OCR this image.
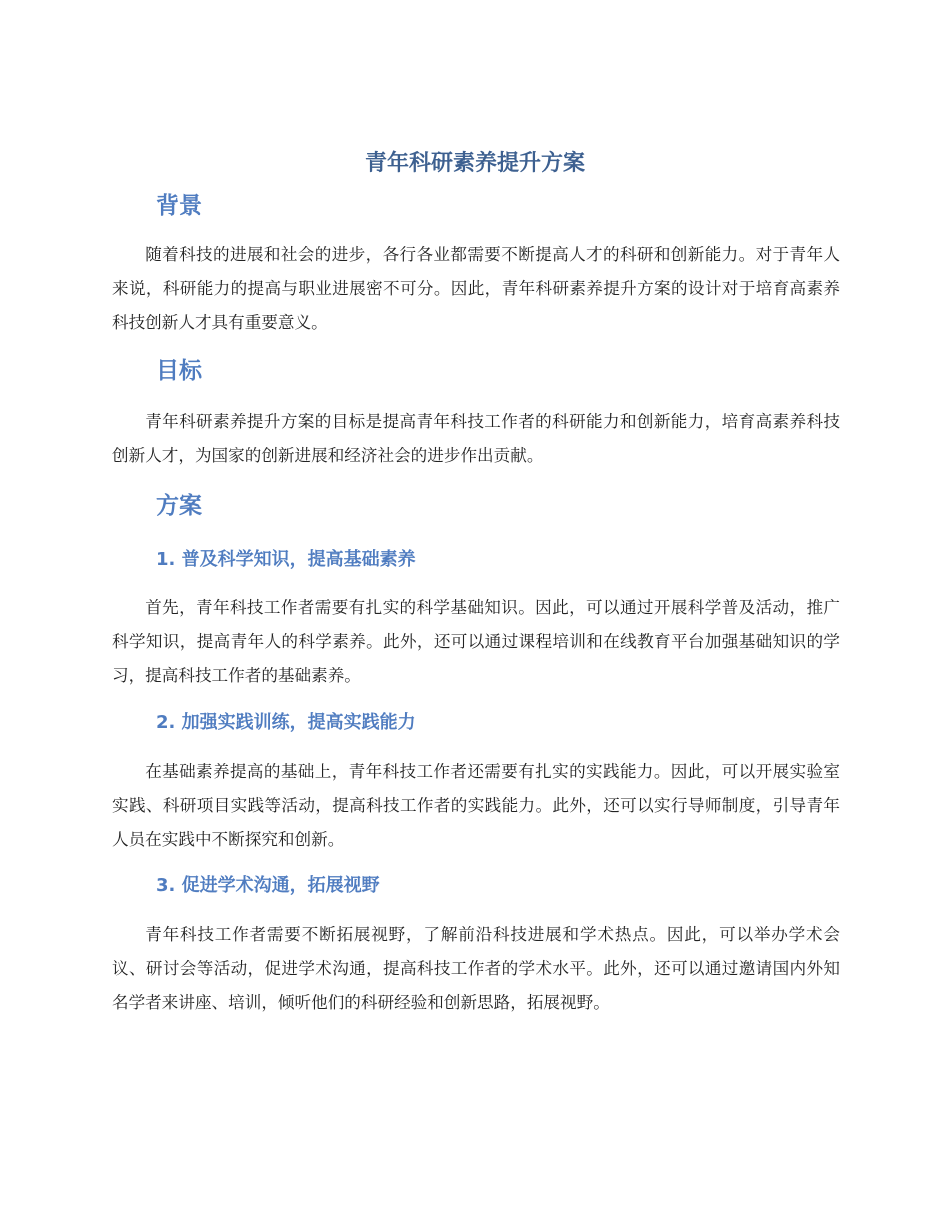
青年科研素养提升方案
背景

随着科技的进展和社会的进步，各行各业都需要不断提高人才的科研和创新能力。对于青年人来说，科研能力的提高与职业进展密不可分。因此，青年科研素养提升方案的设计对于培育高素养科技创新人才具有重要意义。

目标

青年科研素养提升方案的目标是提高青年科技工作者的科研能力和创新能力，培育高素养科技创新人才，为国家的创新进展和经济社会的进步作出贡献。

方案
1. 普及科学知识，提高基础素养

首先，青年科技工作者需要有扎实的科学基础知识。因此，可以通过开展科学普及活动，推广科学知识，提高青年人的科学素养。此外，还可以通过课程培训和在线教育平台加强基础知识的学习，提高科技工作者的基础素养。

2. 加强实践训练，提高实践能力

在基础素养提高的基础上，青年科技工作者还需要有扎实的实践能力。因此，可以开展实验室实践、科研项目实践等活动，提高科技工作者的实践能力。此外，还可以实行导师制度，引导青年人员在实践中不断探究和创新。

3. 促进学术沟通，拓展视野

青年科技工作者需要不断拓展视野，了解前沿科技进展和学术热点。因此，可以举办学术会议、研讨会等活动，促进学术沟通，提高科技工作者的学术水平。此外，还可以通过邀请国内外知名学者来讲座、培训，倾听他们的科研经验和创新思路，拓展视野。
